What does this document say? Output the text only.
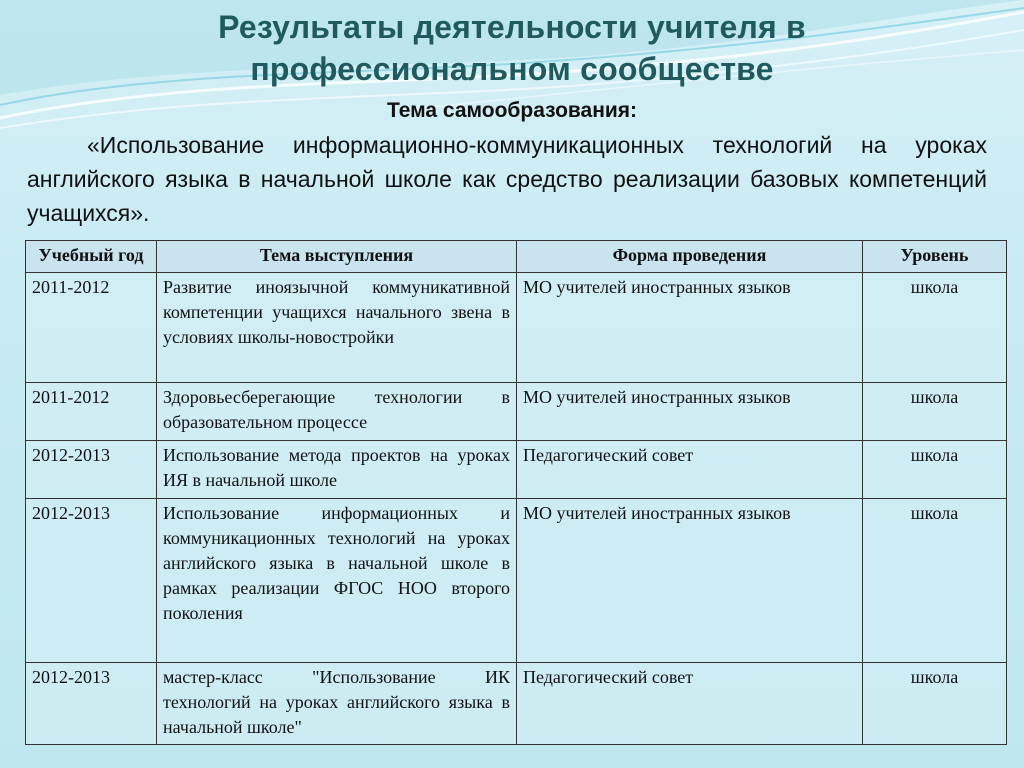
Результаты деятельности учителя в
профессиональном сообществе
Тема самообразования:
«Использование информационно-коммуникационных технологий на уроках английского языка в начальной школе как средство реализации базовых компетенций учащихся».
Учебный год	Тема выступления	Форма проведения	Уровень
2011-2012	Развитие иноязычной коммуникативной компетенции учащихся начального звена в условиях школы-новостройки	МО учителей иностранных языков	школа
2011-2012	Здоровьесберегающие технологии в образовательном процессе	МО учителей иностранных языков	школа
2012-2013	Использование метода проектов на уроках ИЯ в начальной школе	Педагогический совет	школа
2012-2013	Использование информационных и коммуникационных технологий на уроках английского языка в начальной школе в рамках реализации ФГОС НОО второго поколения	МО учителей иностранных языков	школа
2012-2013	мастер-класс "Использование ИК технологий на уроках английского языка в начальной школе"	Педагогический совет	школа
